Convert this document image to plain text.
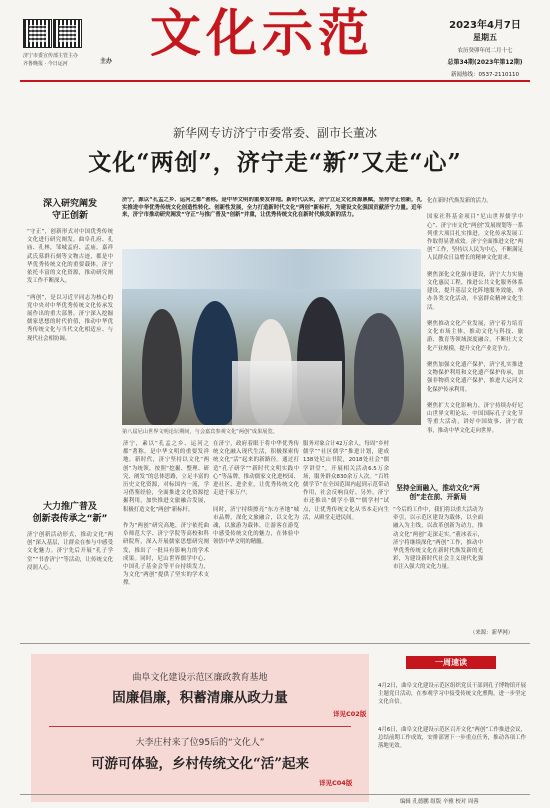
济宁市委宣传部主管主办
齐鲁晚报 · 今日运河	主办 文化示范	2023年4月7日
星期五
农历癸卯年闰二月十七
总第34期(2023年第12期)
新闻热线：0537-2110110
新华网专访济宁市委常委、副市长董冰
文化“两创”，济宁走“新”又走“心”
深入研究阐发
守正创新
“守正”，创新形式对中国优秀传统文化进行研究阐发。曲阜孔府、孔庙、孔林，邹城孟府、孟庙，嘉祥武氏墓群石刻等文物古迹，都是中华优秀传统文化的重要载体。济宁依托丰富的文化资源，推动研究阐发工作不断深入。

“两创”，是以习近平同志为核心的党中央对中华优秀传统文化传承发展作出的重大部署。济宁深入挖掘儒家思想的时代价值，推动中华优秀传统文化与当代文化相适应、与现代社会相协调。
大力推广普及
创新表传承之“新”
济宁创新活动形式，推动文化“两创”深入基层，让群众在参与中感受文化魅力。济宁先后开展“孔子学堂”“书香济宁”等活动，让传统文化浸润人心。
济宁，源以“孔孟之乡、运河之都”著称。是中华文明的重要发祥地。新时代以来，济宁立足文化资源禀赋，坚持守正创新，扎实推进中华优秀传统文化创造性转化、创新性发展，全力打造新时代文化“两创”新标杆，为建设文化强国贡献济宁力量。近年来，济宁市推动研究阐发“守正”与推广普及“创新”并重，让优秀传统文化在新时代焕发新的活力。
第八届尼山世界文明论坛期间，与会嘉宾参观文化“两创”成果展览。
济宁，素以“孔孟之乡、运河之都”著称，是中华文明的重要发祥地。新时代，济宁坚持以文化“两创”为统领，按照“挖掘、整理、研究、阐发”的总体思路，立足丰富的历史文化资源，对标国内一流，学习借鉴经验，全面推进文化资源挖掘利用，加快推进文旅融合发展，积极打造文化“两创”新标杆。

作为“两创”研究高地，济宁依托曲阜师范大学、济宁学院等高校和科研院所，深入开展儒家思想研究阐发，推出了一批具有影响力的学术成果。同时，尼山世界儒学中心、中国孔子基金会等平台持续发力，为文化“两创”提供了坚实的学术支撑。
在济宁，政府着眼于将中华优秀传统文化融入现代生活，积极探索传统文化“活”起来的新路径。通过打造“孔子研学”“新时代文明实践中心”等品牌，推动儒家文化进校园、进社区、进企业，让优秀传统文化走进千家万户。

同时，济宁持续擦亮“东方圣地”城市品牌，深化文旅融合，以文化为魂，以旅游为载体，让游客在游览中感受传统文化的魅力，在体验中领悟中华文明的精髓。
服务对象合计42万余人，每周“乡村儒学”“社区儒学”推进计划，建成138处尼山书院，2018处社会“儒学讲堂”，开展相关活动6.5万余场，服务群众830余万人次。“百姓儒学节”在全国范围内起到示范带动作用，社会反响良好。另外，济宁市还推出“儒学小镇”“儒学村”试点，让优秀传统文化从书本走向生活，从殿堂走进民间。
坚持全面融入，推动文化“两创”走在前、开新局
“今后的工作中，我们将以重大活动为牵引，以示范区建设为载体，以全面融入为主线，以改革创新为动力，推动文化“两创”走深走实。”董冰表示，济宁将继续深化“两创”工作，推动中华优秀传统文化在新时代焕发新的光彩，为建设新时代社会主义现代化强市注入强大的文化力量。
化在新时代焕发新的活力。

国家社科基金项目“尼山世界儒学中心”、济宁市文化“两创”发展规划等一系列重大项目扎实推进，文化传承发展工作取得显著成效。济宁全面推进文化“两创”工作，坚持以人民为中心，不断满足人民群众日益增长的精神文化需求。

聚焦深化文化强市建设，济宁大力实施文化惠民工程，推进公共文化服务体系建设，提升基层文化阵地服务效能，举办各类文化活动，丰富群众精神文化生活。

聚焦推动文化产业发展，济宁着力培育文化市场主体，推动文化与科技、旅游、教育等领域深度融合，不断壮大文化产业规模，提升文化产业竞争力。

聚焦加强文化遗产保护，济宁扎实推进文物保护利用和文化遗产保护传承，加强非物质文化遗产保护，推进大运河文化保护传承利用。

聚焦扩大文化影响力，济宁持续办好尼山世界文明论坛、中国国际孔子文化节等重大活动，讲好中国故事、济宁故事，推动中华文化走向世界。
（来源：新华网）
曲阜文化建设示范区廉政教育基地
固廉倡廉，积蓄清廉从政力量
详见C02版
大李庄村来了位95后的“文化人”
可游可体验，乡村传统文化“活”起来
详见C04版
一周速读
4月2日，曲阜文化建设示范区组织党员干部到孔子博物馆开展主题党日活动，在参观学习中接受传统文化熏陶，进一步坚定文化自信。
4月6日，曲阜文化建设示范区召开文化“两创”工作推进会议，总结前期工作成效，安排部署下一步重点任务，推动各项工作落地见效。
编辑 孔德鹏 组版 辛雅 校对 周蓉
